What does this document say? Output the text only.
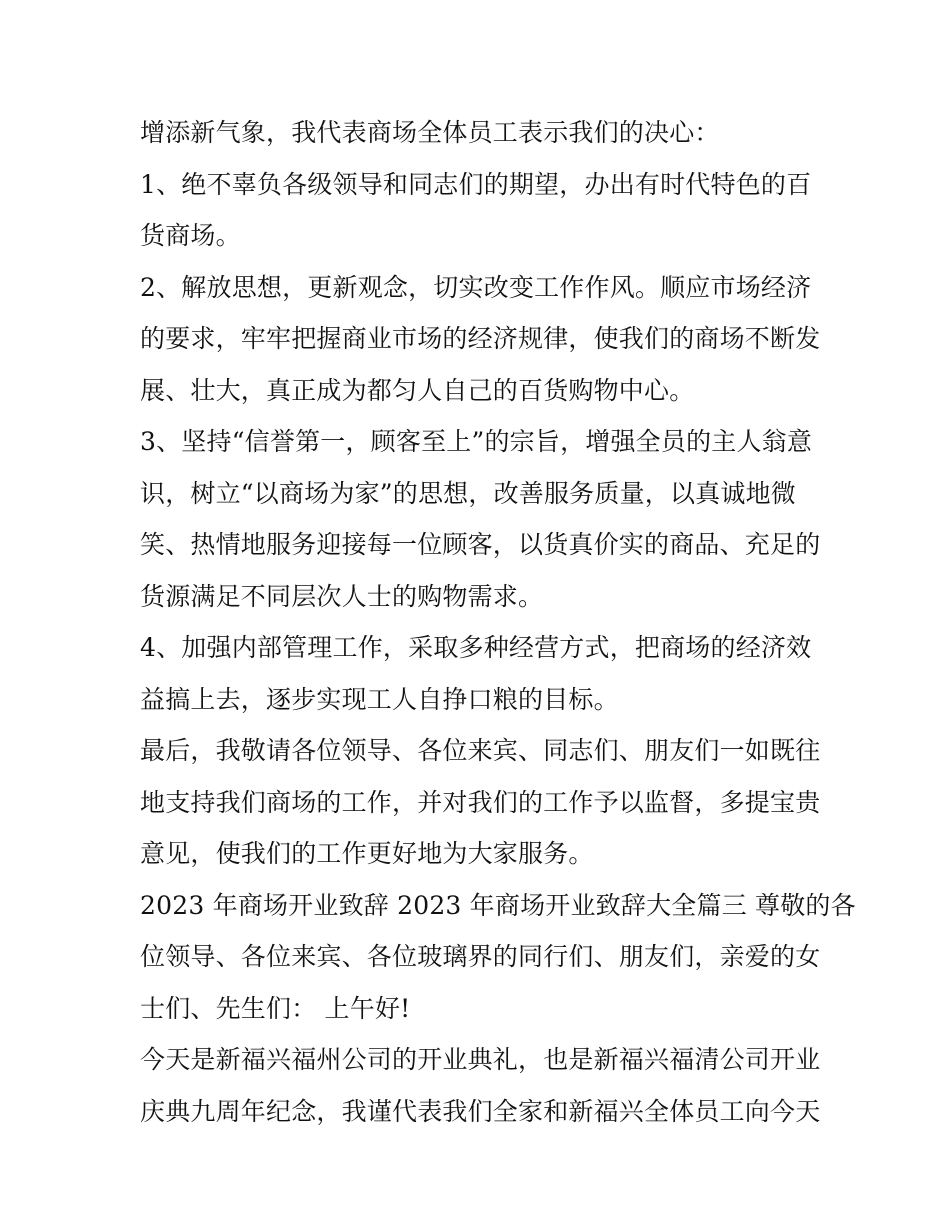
增添新气象，我代表商场全体员工表示我们的决心：
1、绝不辜负各级领导和同志们的期望，办出有时代特色的百
货商场。
2、解放思想，更新观念，切实改变工作作风。顺应市场经济
的要求，牢牢把握商业市场的经济规律，使我们的商场不断发
展、壮大，真正成为都匀人自己的百货购物中心。
3、坚持“信誉第一，顾客至上”的宗旨，增强全员的主人翁意
识，树立“以商场为家”的思想，改善服务质量，以真诚地微
笑、热情地服务迎接每一位顾客，以货真价实的商品、充足的
货源满足不同层次人士的购物需求。
4、加强内部管理工作，采取多种经营方式，把商场的经济效
益搞上去，逐步实现工人自挣口粮的目标。
最后，我敬请各位领导、各位来宾、同志们、朋友们一如既往
地支持我们商场的工作，并对我们的工作予以监督，多提宝贵
意见，使我们的工作更好地为大家服务。
2023 年商场开业致辞 2023 年商场开业致辞大全篇三 尊敬的各
位领导、各位来宾、各位玻璃界的同行们、朋友们，亲爱的女
士们、先生们： 上午好!
今天是新福兴福州公司的开业典礼，也是新福兴福清公司开业
庆典九周年纪念，我谨代表我们全家和新福兴全体员工向今天
